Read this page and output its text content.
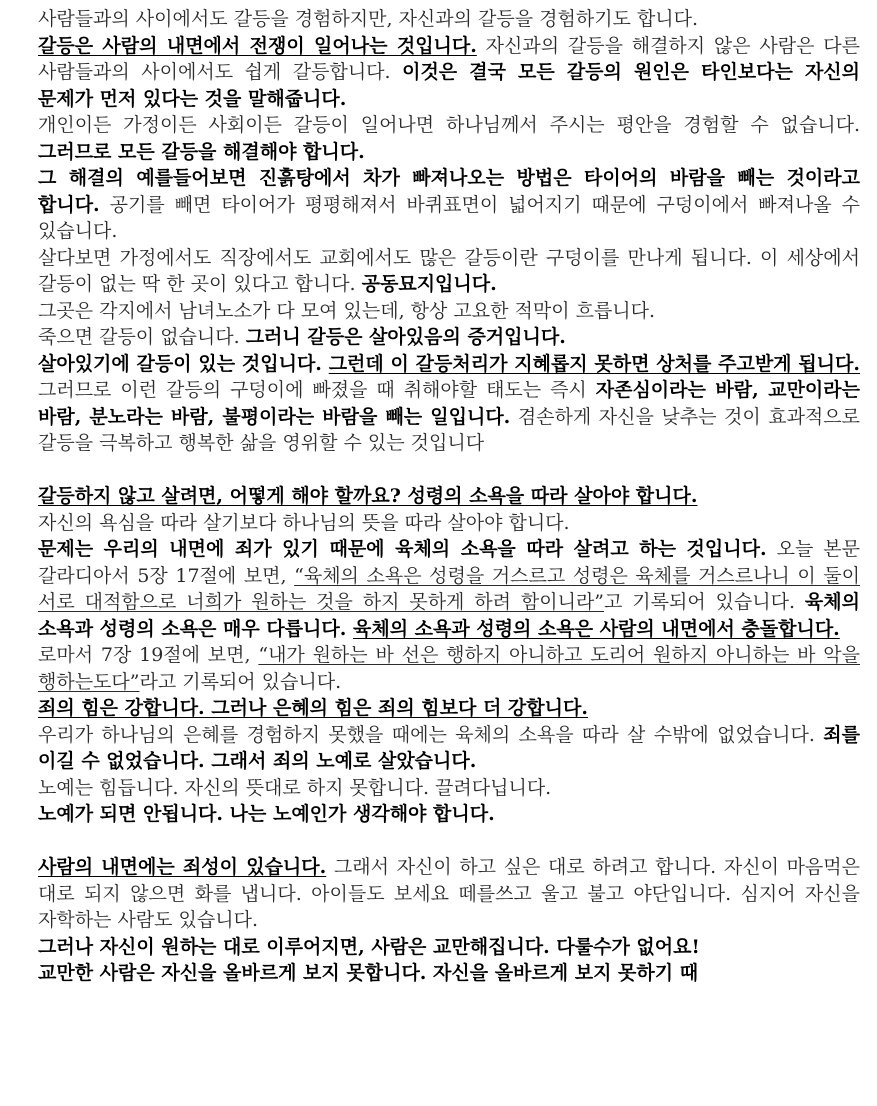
사람들과의 사이에서도 갈등을 경험하지만, 자신과의 갈등을 경험하기도 합니다.

갈등은 사람의 내면에서 전쟁이 일어나는 것입니다. 자신과의 갈등을 해결하지 않은 사람은 다른 사람들과의 사이에서도 쉽게 갈등합니다. 이것은 결국 모든 갈등의 원인은 타인보다는 자신의 문제가 먼저 있다는 것을 말해줍니다.

개인이든 가정이든 사회이든 갈등이 일어나면 하나님께서 주시는 평안을 경험할 수 없습니다. 그러므로 모든 갈등을 해결해야 합니다.

그 해결의 예를들어보면 진흙탕에서 차가 빠져나오는 방법은 타이어의 바람을 빼는 것이라고 합니다. 공기를 빼면 타이어가 평평해져서 바퀴표면이 넓어지기 때문에 구덩이에서 빠져나올 수 있습니다.

살다보면 가정에서도 직장에서도 교회에서도 많은 갈등이란 구덩이를 만나게 됩니다. 이 세상에서 갈등이 없는 딱 한 곳이 있다고 합니다. 공동묘지입니다.

그곳은 각지에서 남녀노소가 다 모여 있는데, 항상 고요한 적막이 흐릅니다.

죽으면 갈등이 없습니다. 그러니 갈등은 살아있음의 증거입니다.

살아있기에 갈등이 있는 것입니다. 그런데 이 갈등처리가 지혜롭지 못하면 상처를 주고받게 됩니다. 그러므로 이런 갈등의 구덩이에 빠졌을 때 취해야할 태도는 즉시 자존심이라는 바람, 교만이라는 바람, 분노라는 바람, 불평이라는 바람을 빼는 일입니다. 겸손하게 자신을 낮추는 것이 효과적으로 갈등을 극복하고 행복한 삶을 영위할 수 있는 것입니다

갈등하지 않고 살려면, 어떻게 해야 할까요? 성령의 소욕을 따라 살아야 합니다.

자신의 욕심을 따라 살기보다 하나님의 뜻을 따라 살아야 합니다.

문제는 우리의 내면에 죄가 있기 때문에 육체의 소욕을 따라 살려고 하는 것입니다. 오늘 본문 갈라디아서 5장 17절에 보면, “육체의 소욕은 성령을 거스르고 성령은 육체를 거스르나니 이 둘이 서로 대적함으로 너희가 원하는 것을 하지 못하게 하려 함이니라”고 기록되어 있습니다. 육체의 소욕과 성령의 소욕은 매우 다릅니다. 육체의 소욕과 성령의 소욕은 사람의 내면에서 충돌합니다.

로마서 7장 19절에 보면, “내가 원하는 바 선은 행하지 아니하고 도리어 원하지 아니하는 바 악을 행하는도다”라고 기록되어 있습니다.

죄의 힘은 강합니다. 그러나 은혜의 힘은 죄의 힘보다 더 강합니다.

우리가 하나님의 은혜를 경험하지 못했을 때에는 육체의 소욕을 따라 살 수밖에 없었습니다. 죄를 이길 수 없었습니다. 그래서 죄의 노예로 살았습니다.

노예는 힘듭니다. 자신의 뜻대로 하지 못합니다. 끌려다닙니다.

노예가 되면 안됩니다. 나는 노예인가 생각해야 합니다.

사람의 내면에는 죄성이 있습니다. 그래서 자신이 하고 싶은 대로 하려고 합니다. 자신이 마음먹은 대로 되지 않으면 화를 냅니다. 아이들도 보세요 떼를쓰고 울고 불고 야단입니다. 심지어 자신을 자학하는 사람도 있습니다.

그러나 자신이 원하는 대로 이루어지면, 사람은 교만해집니다. 다룰수가 없어요!

교만한 사람은 자신을 올바르게 보지 못합니다. 자신을 올바르게 보지 못하기 때
